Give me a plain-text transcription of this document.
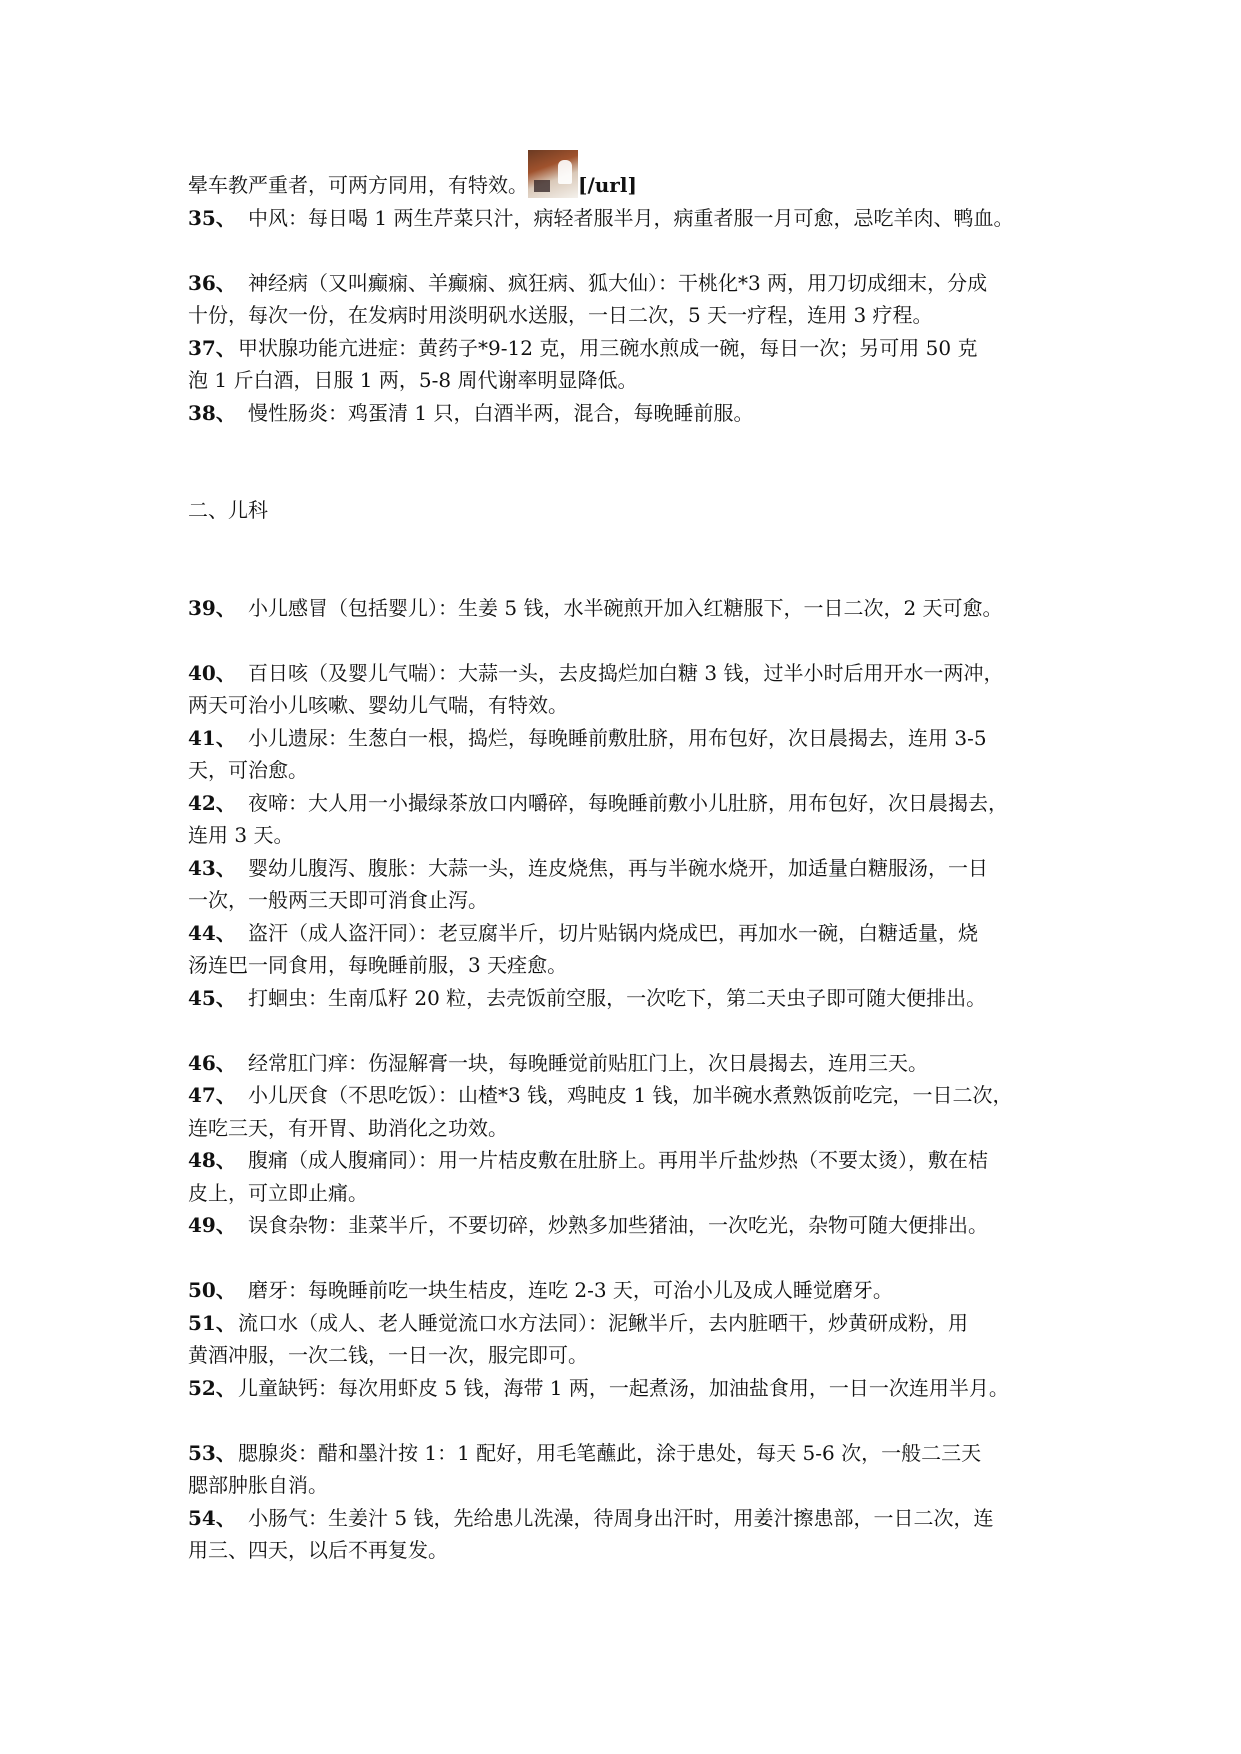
晕车教严重者，可两方同用，有特效。	[/url]
35、 中风：每日喝 1 两生芹菜只汁，病轻者服半月，病重者服一月可愈，忌吃羊肉、鸭血。
36、 神经病（又叫癫痫、羊癫痫、疯狂病、狐大仙）：干桃化*3 两，用刀切成细末，分成
十份，每次一份，在发病时用淡明矾水送服，一日二次，5 天一疗程，连用 3 疗程。
37、 甲状腺功能亢进症：黄药子*9-12 克，用三碗水煎成一碗，每日一次；另可用 50 克
泡 1 斤白酒，日服 1 两，5-8 周代谢率明显降低。
38、 慢性肠炎：鸡蛋清 1 只，白酒半两，混合，每晚睡前服。
二、儿科
39、 小儿感冒（包括婴儿）：生姜 5 钱，水半碗煎开加入红糖服下，一日二次，2 天可愈。
40、 百日咳（及婴儿气喘）：大蒜一头，去皮捣烂加白糖 3 钱，过半小时后用开水一两冲，
两天可治小儿咳嗽、婴幼儿气喘，有特效。
41、 小儿遗尿：生葱白一根，捣烂，每晚睡前敷肚脐，用布包好，次日晨揭去，连用 3-5
天，可治愈。
42、 夜啼：大人用一小撮绿茶放口内嚼碎，每晚睡前敷小儿肚脐，用布包好，次日晨揭去，
连用 3 天。
43、 婴幼儿腹泻、腹胀：大蒜一头，连皮烧焦，再与半碗水烧开，加适量白糖服汤，一日
一次，一般两三天即可消食止泻。
44、 盗汗（成人盗汗同）：老豆腐半斤，切片贴锅内烧成巴，再加水一碗，白糖适量，烧
汤连巴一同食用，每晚睡前服，3 天痊愈。
45、 打蛔虫：生南瓜籽 20 粒，去壳饭前空服，一次吃下，第二天虫子即可随大便排出。
46、 经常肛门痒：伤湿解膏一块，每晚睡觉前贴肛门上，次日晨揭去，连用三天。
47、 小儿厌食（不思吃饭）：山楂*3 钱，鸡盹皮 1 钱，加半碗水煮熟饭前吃完，一日二次，
连吃三天，有开胃、助消化之功效。
48、 腹痛（成人腹痛同）：用一片桔皮敷在肚脐上。再用半斤盐炒热（不要太烫），敷在桔
皮上，可立即止痛。
49、 误食杂物：韭菜半斤，不要切碎，炒熟多加些猪油，一次吃光，杂物可随大便排出。
50、 磨牙：每晚睡前吃一块生桔皮，连吃 2-3 天，可治小儿及成人睡觉磨牙。
51、 流口水（成人、老人睡觉流口水方法同）：泥鳅半斤，去内脏晒干，炒黄研成粉，用
黄酒冲服，一次二钱，一日一次，服完即可。
52、 儿童缺钙：每次用虾皮 5 钱，海带 1 两，一起煮汤，加油盐食用，一日一次连用半月。
53、 腮腺炎：醋和墨汁按 1：1 配好，用毛笔蘸此，涂于患处，每天 5-6 次，一般二三天
腮部肿胀自消。
54、 小肠气：生姜汁 5 钱，先给患儿洗澡，待周身出汗时，用姜汁擦患部，一日二次，连
用三、四天，以后不再复发。
